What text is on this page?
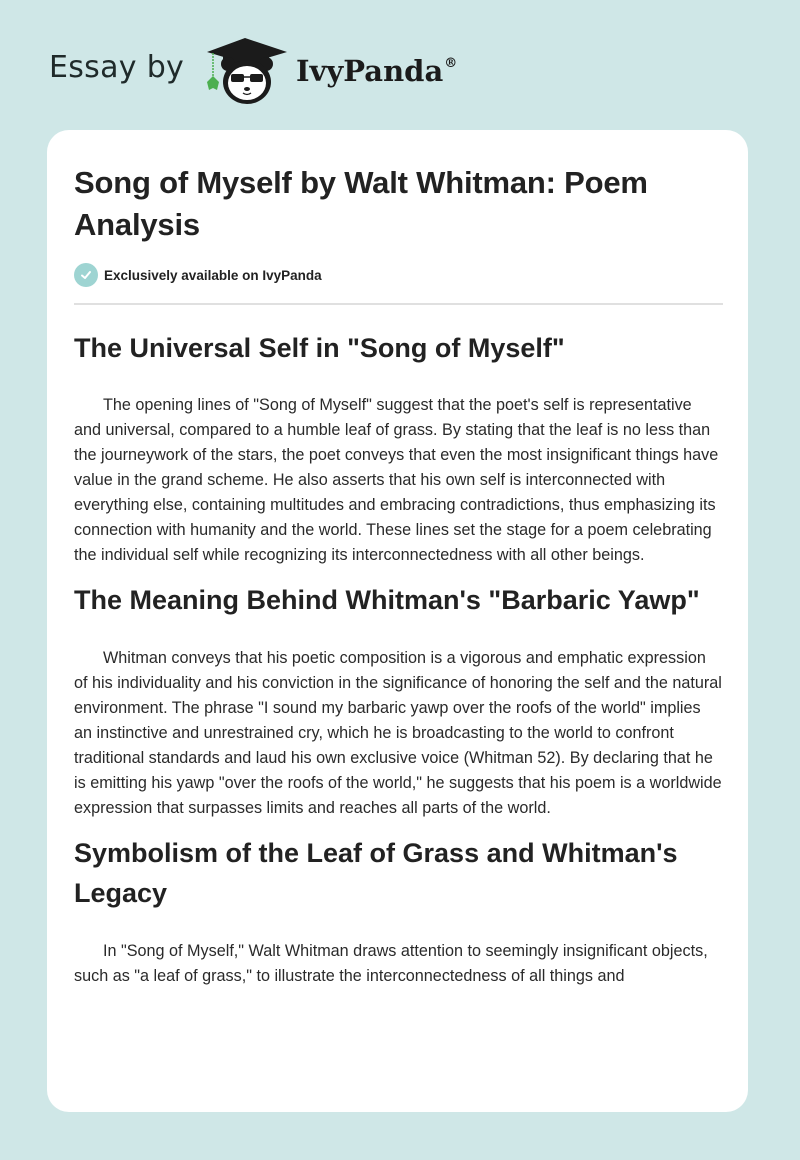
Essay by	IvyPanda®
Song of Myself by Walt Whitman: Poem Analysis
Exclusively available on IvyPanda
The Universal Self in "Song of Myself"

The opening lines of "Song of Myself" suggest that the poet's self is representative and universal, compared to a humble leaf of grass. By stating that the leaf is no less than the journeywork of the stars, the poet conveys that even the most insignificant things have value in the grand scheme. He also asserts that his own self is interconnected with everything else, containing multitudes and embracing contradictions, thus emphasizing its connection with humanity and the world. These lines set the stage for a poem celebrating the individual self while recognizing its interconnectedness with all other beings.

The Meaning Behind Whitman's "Barbaric Yawp"

Whitman conveys that his poetic composition is a vigorous and emphatic expression of his individuality and his conviction in the significance of honoring the self and the natural environment. The phrase "I sound my barbaric yawp over the roofs of the world" implies an instinctive and unrestrained cry, which he is broadcasting to the world to confront traditional standards and laud his own exclusive voice (Whitman 52). By declaring that he is emitting his yawp "over the roofs of the world," he suggests that his poem is a worldwide expression that surpasses limits and reaches all parts of the world.

Symbolism of the Leaf of Grass and Whitman's Legacy

In "Song of Myself," Walt Whitman draws attention to seemingly insignificant objects, such as "a leaf of grass," to illustrate the interconnectedness of all things and
